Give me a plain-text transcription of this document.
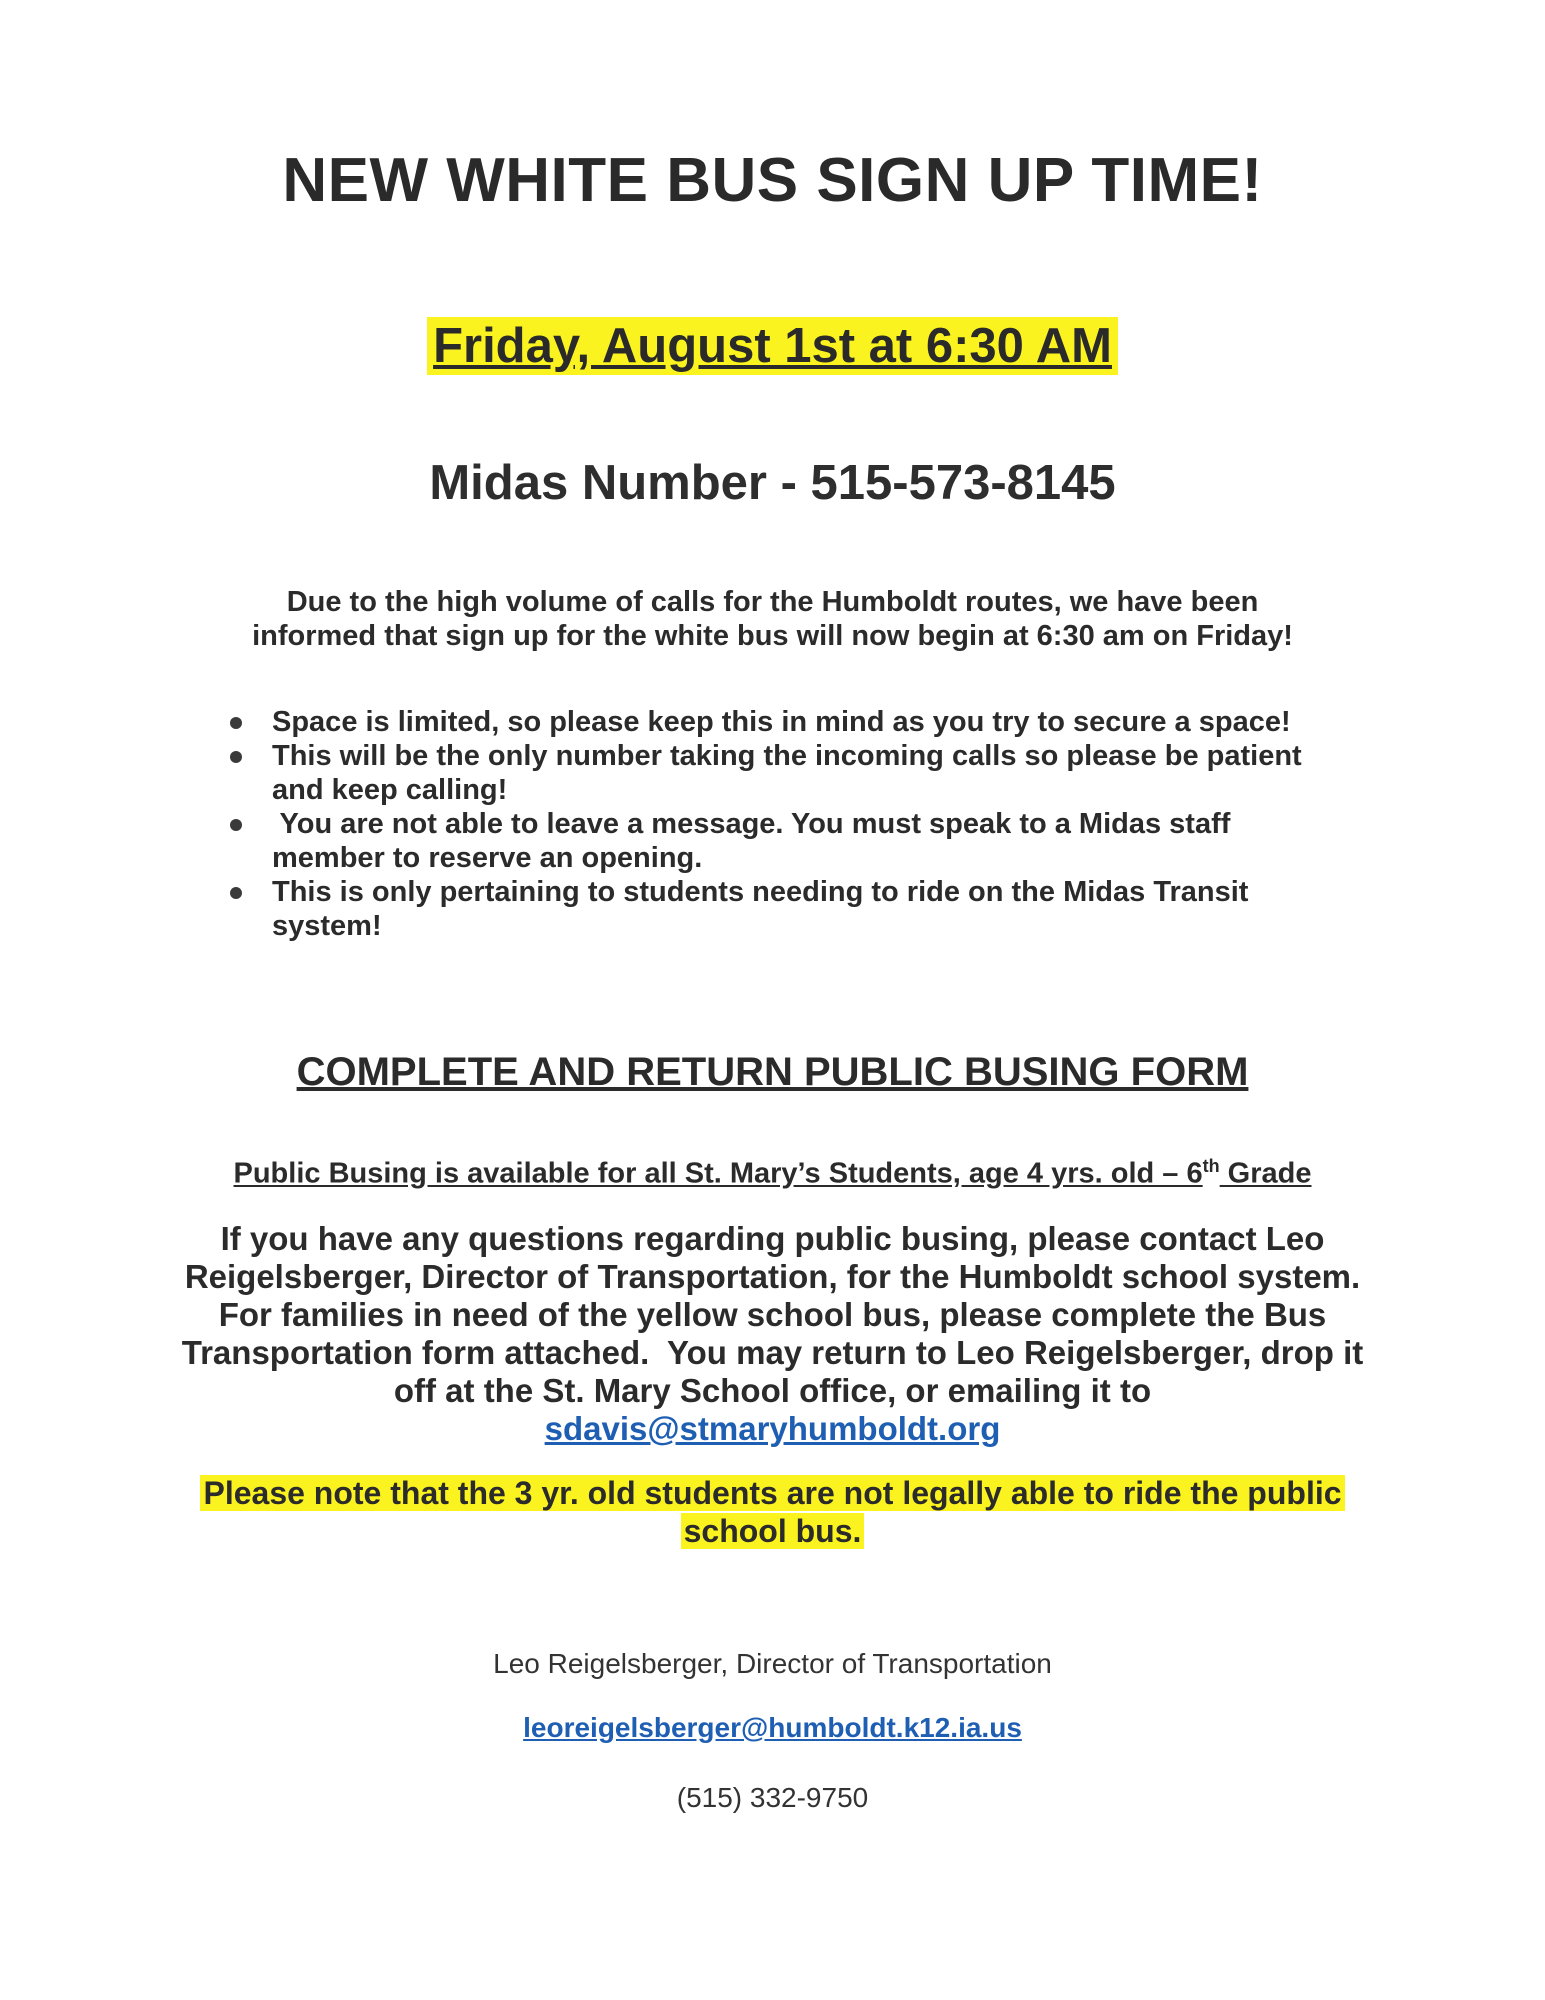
NEW WHITE BUS SIGN UP TIME!
Friday, August 1st at 6:30 AM
Midas Number - 515-573-8145
Due to the high volume of calls for the Humboldt routes, we have been
informed that sign up for the white bus will now begin at 6:30 am on Friday!
Space is limited, so please keep this in mind as you try to secure a space!
This will be the only number taking the incoming calls so please be patient
and keep calling!
You are not able to leave a message. You must speak to a Midas staff
member to reserve an opening.
This is only pertaining to students needing to ride on the Midas Transit
system!
COMPLETE AND RETURN PUBLIC BUSING FORM
Public Busing is available for all St. Mary’s Students, age 4 yrs. old – 6th Grade
If you have any questions regarding public busing, please contact Leo
Reigelsberger, Director of Transportation, for the Humboldt school system.
For families in need of the yellow school bus, please complete the Bus
Transportation form attached.  You may return to Leo Reigelsberger, drop it
off at the St. Mary School office, or emailing it to
sdavis@stmaryhumboldt.org
Please note that the 3 yr. old students are not legally able to ride the public
school bus.
Leo Reigelsberger, Director of Transportation
leoreigelsberger@humboldt.k12.ia.us
(515) 332-9750
